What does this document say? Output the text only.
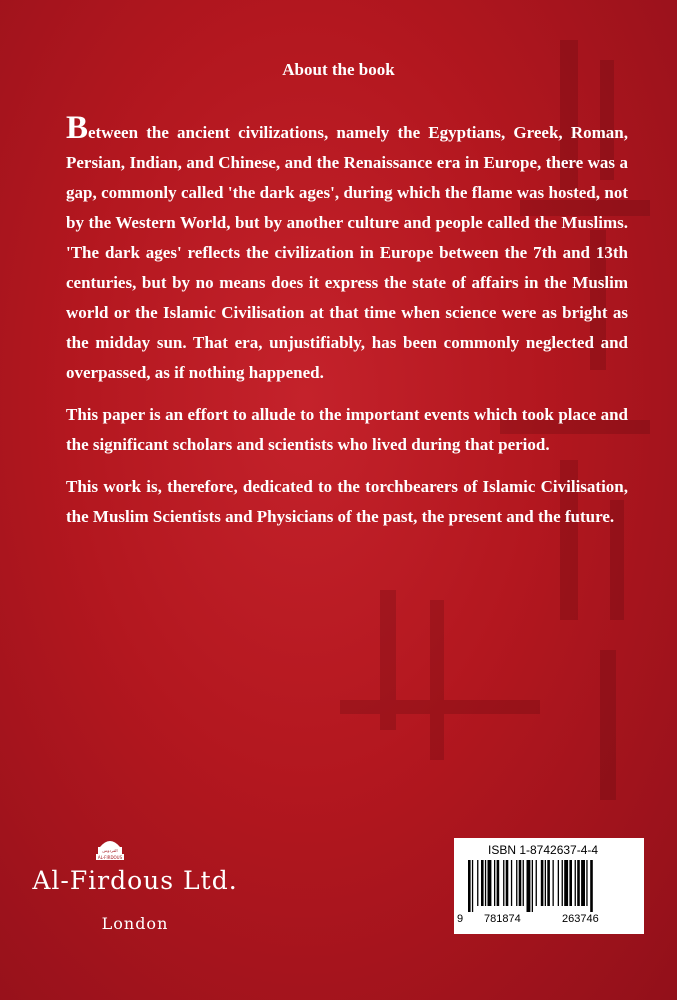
About the book

Between the ancient civilizations, namely the Egyptians, Greek, Roman, Persian, Indian, and Chinese, and the Renaissance era in Europe, there was a gap, commonly called 'the dark ages', during which the flame was hosted, not by the Western World, but by another culture and people called the Muslims. 'The dark ages' reflects the civilization in Europe between the 7th and 13th centuries, but by no means does it express the state of affairs in the Muslim world or the Islamic Civilisation at that time when science were as bright as the midday sun. That era, unjustifiably, has been commonly neglected and overpassed, as if nothing happened.

This paper is an effort to allude to the important events which took place and the significant scholars and scientists who lived during that period.

This work is, therefore, dedicated to the torchbearers of Islamic Civilisation, the Muslim Scientists and Physicians of the past, the present and the future.

AL-FIRDOUS
الفردوس
Al-Firdous Ltd.
London
ISBN 1-8742637-4-4
9 781874	263746
